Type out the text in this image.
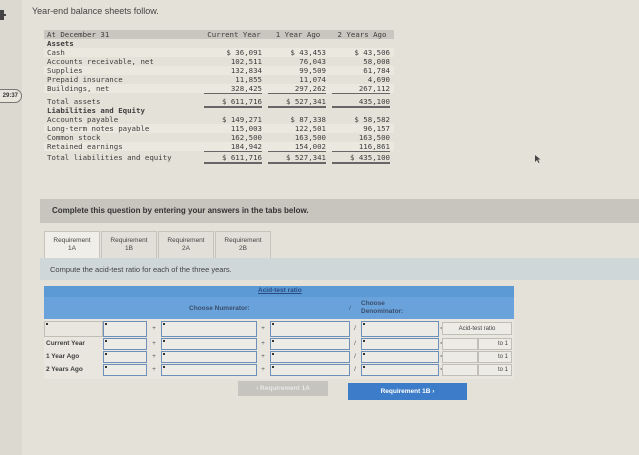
29:37
Year-end balance sheets follow.
At December 31	Current Year	1 Year Ago	2 Years Ago
Assets
Cash	$ 36,091	$ 43,453	$ 43,506
Accounts receivable, net	102,511	76,043	58,008
Supplies	132,834	99,509	61,784
Prepaid insurance	11,855	11,074	4,690
Buildings, net	328,425	297,262	267,112
Total assets	$ 611,716	$ 527,341	435,100
Liabilities and Equity
Accounts payable	$ 149,271	$ 87,338	$ 58,582
Long-term notes payable	115,003	122,501	96,157
Common stock	162,500	163,500	163,500
Retained earnings	184,942	154,002	116,861
Total liabilities and equity	$ 611,716	$ 527,341	$ 435,100
Complete this question by entering your answers in the tabs below.
Requirement
1A
Requirement
1B
Requirement
2A
Requirement
2B
Compute the acid-test ratio for each of the three years.
Acid-test ratio
Choose Numerator:	/
Choose
Denominator:
+	+	/	Acid-test ratio
Current Year	+	+	/	to 1
1 Year Ago	+	+	/	to 1
2 Years Ago	+	+	/	to 1
‹ Requirement 1A	Requirement 1B ›
